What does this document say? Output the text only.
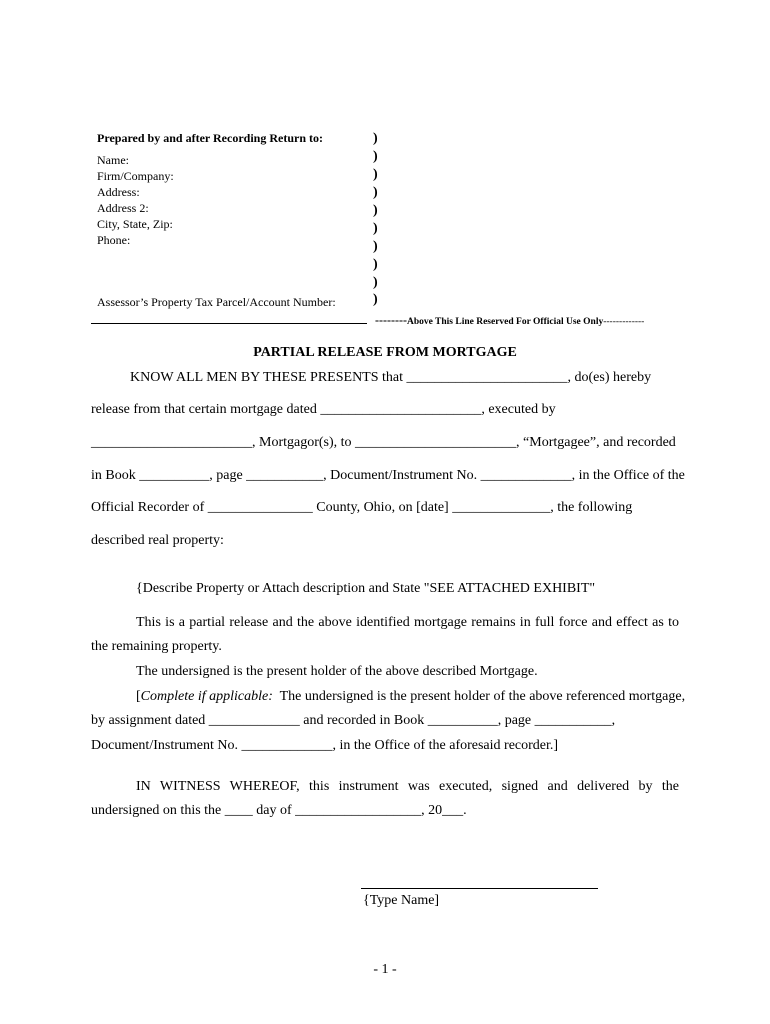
Prepared by and after Recording Return to:
Name:
Firm/Company:
Address:
Address 2:
City, State, Zip:
Phone:
Assessor’s Property Tax Parcel/Account Number:
)
)
)
)
)
)
)
)
)
)
--------Above This Line Reserved For Official Use Only-------------
PARTIAL RELEASE FROM MORTGAGE
KNOW ALL MEN BY THESE PRESENTS that _______________________, do(es) hereby
release from that certain mortgage dated _______________________, executed by
_______________________, Mortgagor(s), to _______________________, “Mortgagee”, and recorded
in Book __________, page ___________, Document/Instrument No. _____________, in the Office of the
Official Recorder of _______________ County, Ohio, on [date] ______________, the following
described real property:
{Describe Property or Attach description and State "SEE ATTACHED EXHIBIT"
This is a partial release and the above identified mortgage remains in full force and effect as to
the remaining property.
The undersigned is the present holder of the above described Mortgage.
[Complete if applicable:  The undersigned is the present holder of the above referenced mortgage,
by assignment dated _____________ and recorded in Book __________, page ___________,
Document/Instrument No. _____________, in the Office of the aforesaid recorder.]
IN WITNESS WHEREOF, this instrument was executed, signed and delivered by the
undersigned on this the ____ day of __________________, 20___.
{Type Name]
- 1 -
